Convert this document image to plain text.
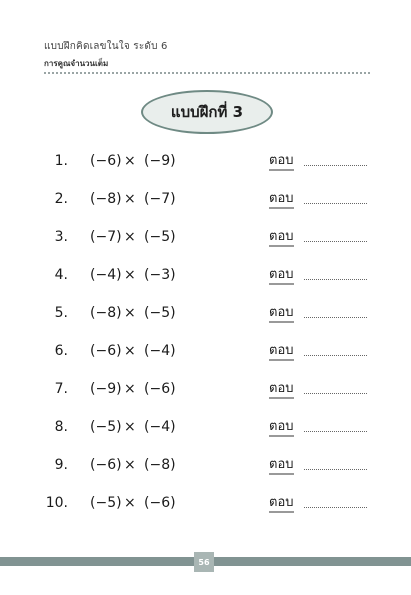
แบบฝึกคิดเลขในใจ ระดับ 6
การคูณจำนวนเต็ม
แบบฝึกที่ 3
1. (−6) × (−9)	ตอบ
2. (−8) × (−7)	ตอบ
3. (−7) × (−5)	ตอบ
4. (−4) × (−3)	ตอบ
5. (−8) × (−5)	ตอบ
6. (−6) × (−4)	ตอบ
7. (−9) × (−6)	ตอบ
8. (−5) × (−4)	ตอบ
9. (−6) × (−8)	ตอบ
10. (−5) × (−6)	ตอบ
56
